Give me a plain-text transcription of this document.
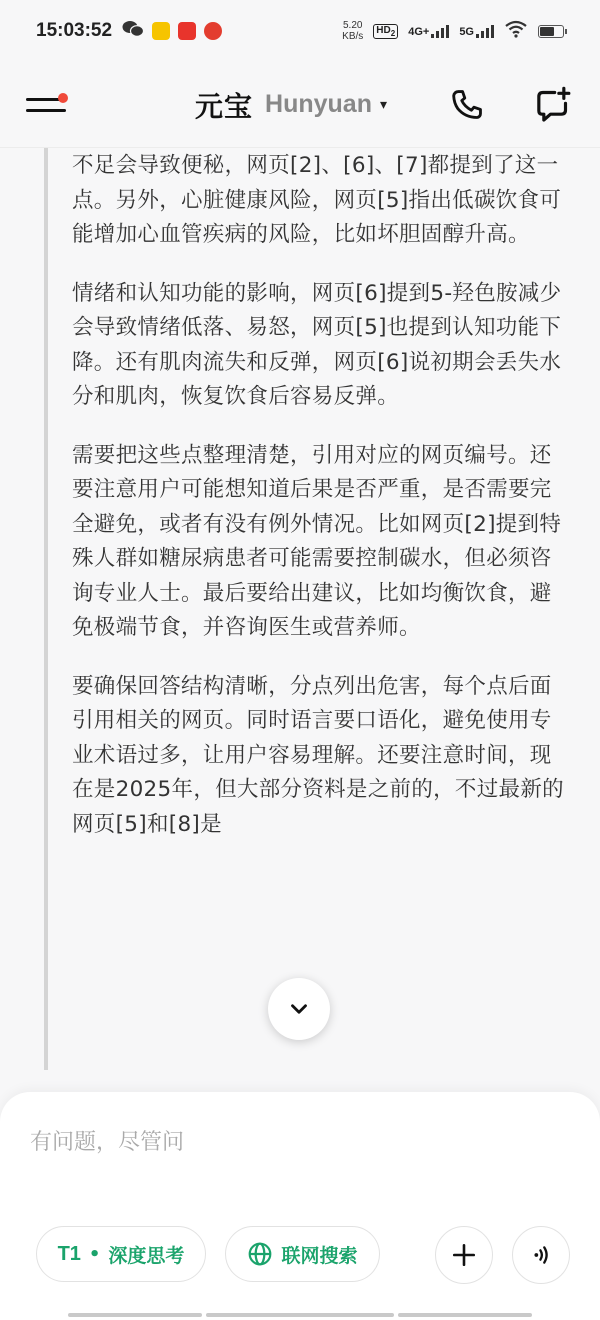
15:03:52	5.20
KB/s
$HD_2$ 4G+	5G
元宝 Hunyuan ▾

不足会导致便秘，网页[2]、[6]、[7]都提到了这一点。另外，心脏健康风险，网页[5]指出低碳饮食可能增加心血管疾病的风险，比如坏胆固醇升高。

情绪和认知功能的影响，网页[6]提到5-羟色胺减少会导致情绪低落、易怒，网页[5]也提到认知功能下降。还有肌肉流失和反弹，网页[6]说初期会丢失水分和肌肉，恢复饮食后容易反弹。

需要把这些点整理清楚，引用对应的网页编号。还要注意用户可能想知道后果是否严重，是否需要完全避免，或者有没有例外情况。比如网页[2]提到特殊人群如糖尿病患者可能需要控制碳水，但必须咨询专业人士。最后要给出建议，比如均衡饮食，避免极端节食，并咨询医生或营养师。

要确保回答结构清晰，分点列出危害，每个点后面引用相关的网页。同时语言要口语化，避免使用专业术语过多，让用户容易理解。还要注意时间，现在是2025年，但大部分资料是之前的，不过最新的网页[5]和[8]是

有问题，尽管问
T1 • 深度思考	联网搜索
